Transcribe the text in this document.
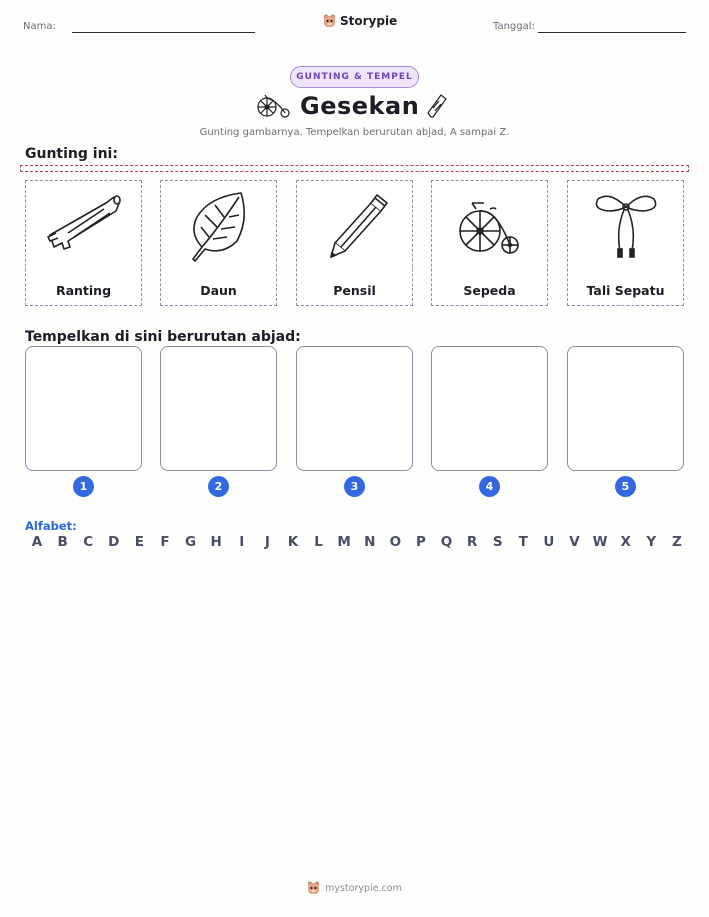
Nama:	Storypie	Tanggal:
GUNTING & TEMPEL
Gesekan
Gunting gambarnya. Tempelkan berurutan abjad, A sampai Z.
Gunting ini:
Ranting	Daun	Pensil	Sepeda	Tali Sepatu
Tempelkan di sini berurutan abjad:
1	2	3	4	5
Alfabet:
A	B	C	D	E	F	G	H	I	J	K	L	M N	O	P	Q	R	S	T	U	V W X	Y	Z
mystorypie.com
